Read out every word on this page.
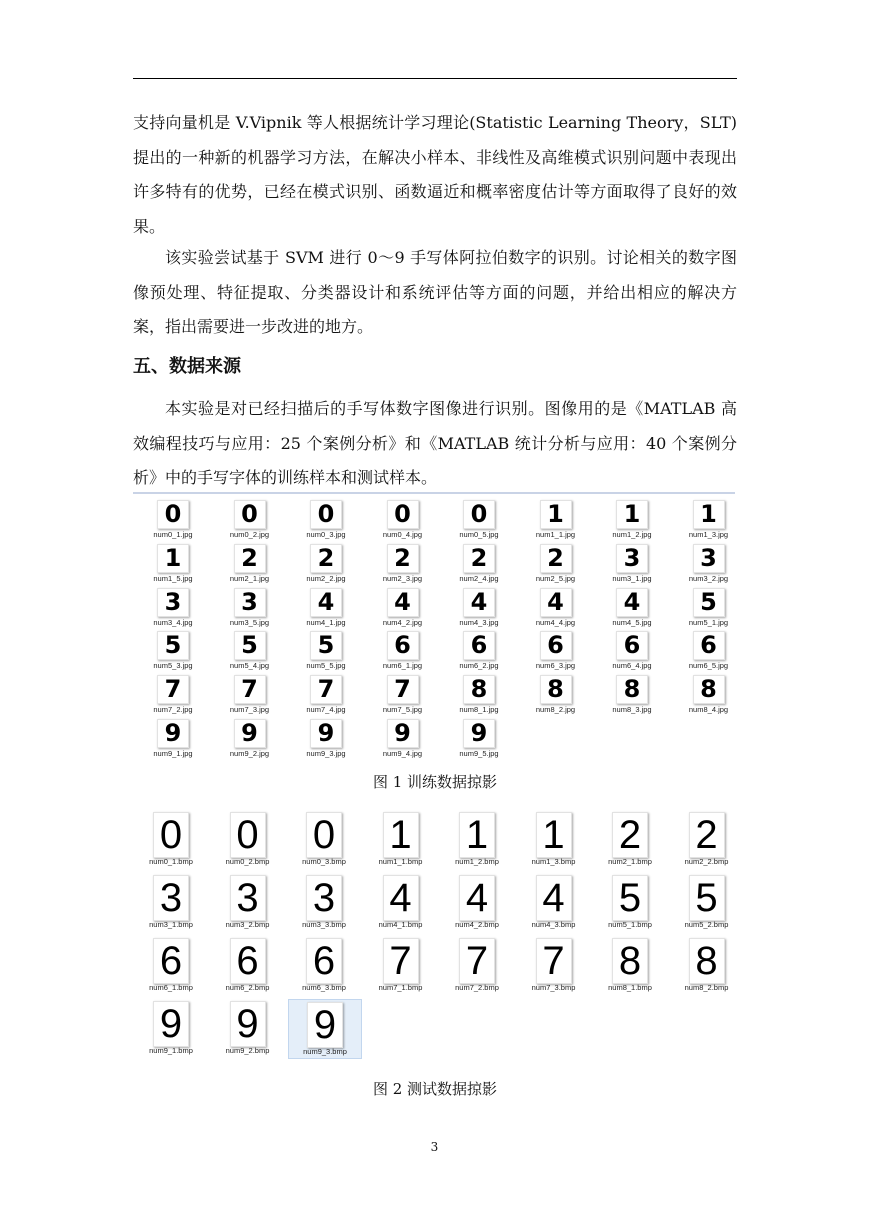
支持向量机是 V.Vipnik 等人根据统计学习理论(Statistic Learning Theory，SLT)提出的一种新的机器学习方法，在解决小样本、非线性及高维模式识别问题中表现出许多特有的优势，已经在模式识别、函数逼近和概率密度估计等方面取得了良好的效果。

该实验尝试基于 SVM 进行 0～9 手写体阿拉伯数字的识别。讨论相关的数字图像预处理、特征提取、分类器设计和系统评估等方面的问题，并给出相应的解决方案，指出需要进一步改进的地方。

五、数据来源

本实验是对已经扫描后的手写体数字图像进行识别。图像用的是《MATLAB 高效编程技巧与应用：25 个案例分析》和《MATLAB 统计分析与应用：40 个案例分析》中的手写字体的训练样本和测试样本。

0
num0_1.jpg
0
num0_2.jpg
0
num0_3.jpg
0
num0_4.jpg
0
num0_5.jpg
1
num1_1.jpg
1
num1_2.jpg
1
num1_3.jpg
1
num1_5.jpg
2
num2_1.jpg
2
num2_2.jpg
2
num2_3.jpg
2
num2_4.jpg
2
num2_5.jpg
3
num3_1.jpg
3
num3_2.jpg
3
num3_4.jpg
3
num3_5.jpg
4
num4_1.jpg
4
num4_2.jpg
4
num4_3.jpg
4
num4_4.jpg
4
num4_5.jpg
5
num5_1.jpg
5
num5_3.jpg
5
num5_4.jpg
5
num5_5.jpg
6
num6_1.jpg
6
num6_2.jpg
6
num6_3.jpg
6
num6_4.jpg
6
num6_5.jpg
7
num7_2.jpg
7
num7_3.jpg
7
num7_4.jpg
7
num7_5.jpg
8
num8_1.jpg
8
num8_2.jpg
8
num8_3.jpg
8
num8_4.jpg
9
num9_1.jpg
9
num9_2.jpg
9
num9_3.jpg
9
num9_4.jpg
9
num9_5.jpg

图 1 训练数据掠影

0
num0_1.bmp
0
num0_2.bmp
0
num0_3.bmp
1
num1_1.bmp
1
num1_2.bmp
1
num1_3.bmp
2
num2_1.bmp
2
num2_2.bmp
3
num3_1.bmp
3
num3_2.bmp
3
num3_3.bmp
4
num4_1.bmp
4
num4_2.bmp
4
num4_3.bmp
5
num5_1.bmp
5
num5_2.bmp
6
num6_1.bmp
6
num6_2.bmp
6
num6_3.bmp
7
num7_1.bmp
7
num7_2.bmp
7
num7_3.bmp
8
num8_1.bmp
8
num8_2.bmp
9
num9_1.bmp
9
num9_2.bmp
9
num9_3.bmp

图 2 测试数据掠影

3
